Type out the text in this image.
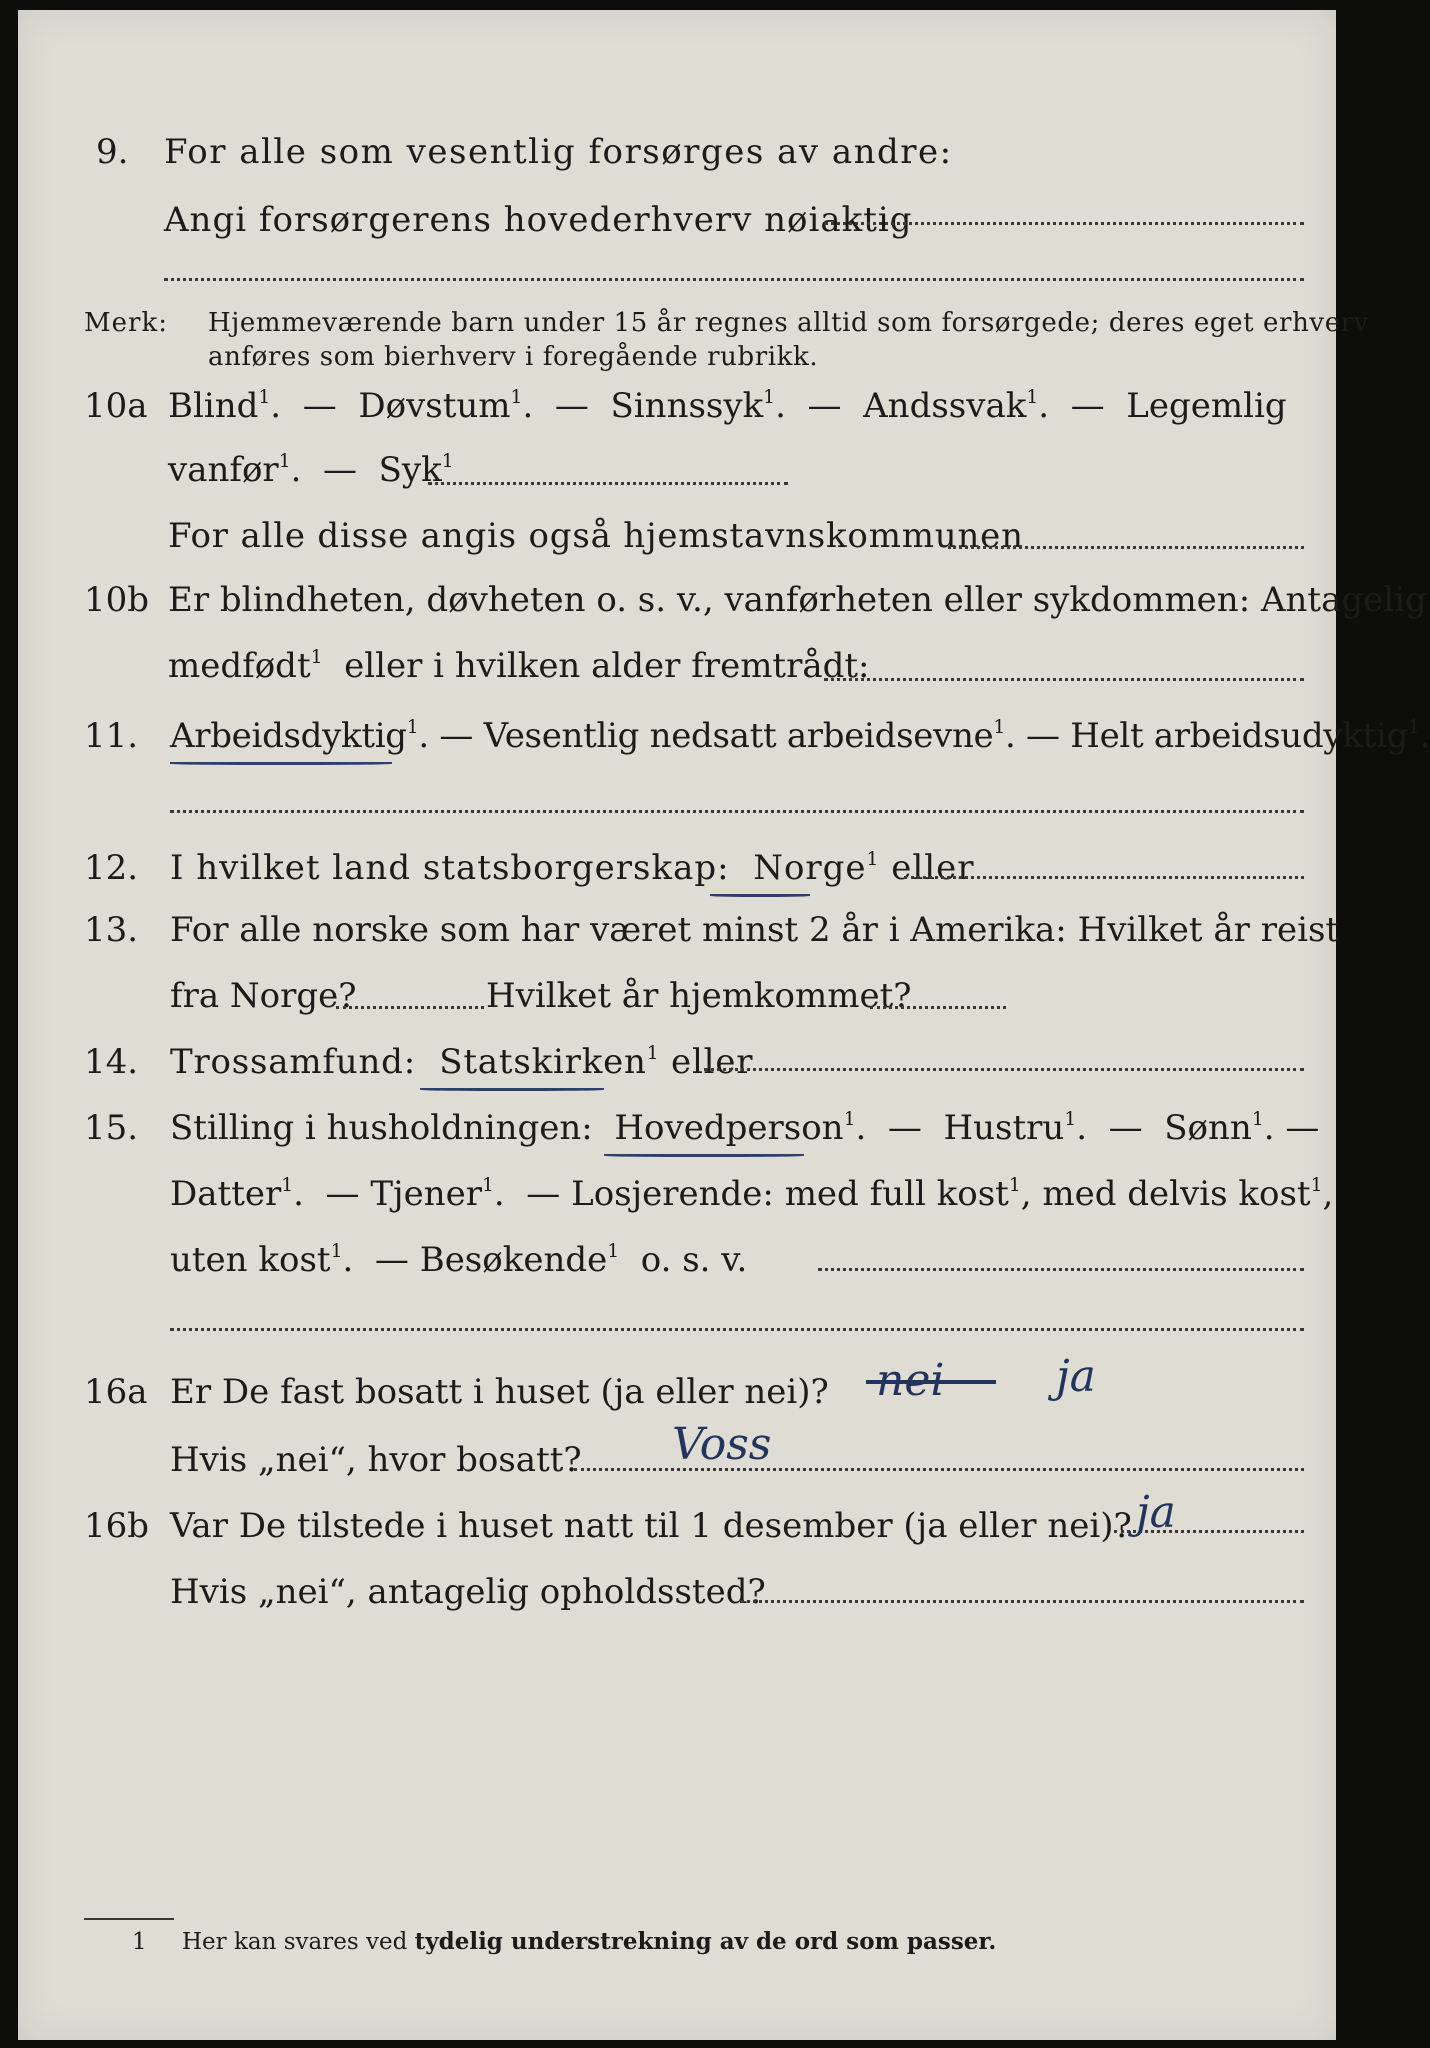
9. For alle som vesentlig forsørges av andre:
Angi forsørgerens hovederhverv nøiaktig
Merk: Hjemmeværende barn under 15 år regnes alltid som forsørgede; deres eget erhverv
anføres som bierhverv i foregående rubrikk.
10a Blind$^1$.  — Døvstum$^1$.  — Sinnssyk$^1$.  — Andssvak$^1$.  — Legemlig
vanfør$^1$.  — Syk$^1$
For alle disse angis også hjemstavnskommunen
10b Er blindheten, døvheten o. s. v., vanførheten eller sykdommen: Antagelig
medfødt$^1$ eller i hvilken alder fremtrådt:
11. Arbeidsdyktig$^1$. — Vesentlig nedsatt arbeidsevne$^1$. — Helt arbeidsudyktig$^1$.
12. I hvilket land statsborgerskap: Norge$^1$ eller
13. For alle norske som har været minst 2 år i Amerika: Hvilket år reist
fra Norge?	Hvilket år hjemkommet?
14. Trossamfund: Statskirken$^1$ eller
15. Stilling i husholdningen: Hovedperson$^1$.  —  Hustru$^1$.  —  Sønn$^1$. —
Datter$^1$.  — Tjener$^1$.  — Losjerende: med full kost$^1$, med delvis kost$^1$,
uten kost$^1$.  — Besøkende$^1$ o. s. v.
16a Er De fast bosatt i huset (ja eller nei)? nei	ja
Hvis „nei“, hvor bosatt? Voss
16b Var De tilstede i huset natt til 1 desember (ja eller nei)? ja
Hvis „nei“, antagelig opholdssted?
1 Her kan svares ved tydelig understrekning av de ord som passer.
